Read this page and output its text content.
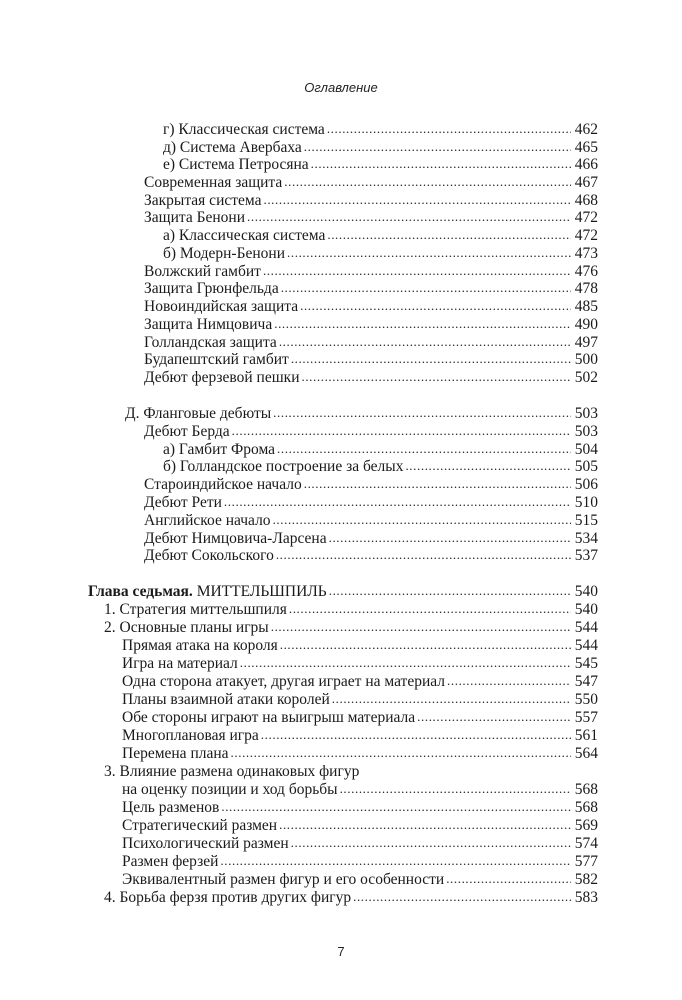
Оглавление
г) Классическая система .....	462
д) Система Авербаха .....	465
е) Система Петросяна .....	466
Современная защита .....	467
Закрытая система .....	468
Защита Бенони .....	472
а) Классическая система .....	472
б) Модерн-Бенони .....	473
Волжский гамбит .....	476
Защита Грюнфельда .....	478
Новоиндийская защита .....	485
Защита Нимцовича .....	490
Голландская защита .....	497
Будапештский гамбит .....	500
Дебют ферзевой пешки .....	502
Д. Фланговые дебюты .....	503
Дебют Берда .....	503
а) Гамбит Фрома .....	504
б) Голландское построение за белых .....	505
Староиндийское начало .....	506
Дебют Рети .....	510
Английское начало .....	515
Дебют Нимцовича-Ларсена .....	534
Дебют Сокольского .....	537
Глава седьмая. МИТТЕЛЬШПИЛЬ .....	540
1. Стратегия миттельшпиля .....	540
2. Основные планы игры .....	544
Прямая атака на короля .....	544
Игра на материал .....	545
Одна сторона атакует, другая играет на материал .....	547
Планы взаимной атаки королей .....	550
Обе стороны играют на выигрыш материала .....	557
Многоплановая игра .....	561
Перемена плана .....	564
3. Влияние размена одинаковых фигур
на оценку позиции и ход борьбы .....	568
Цель разменов .....	568
Стратегический размен .....	569
Психологический размен .....	574
Размен ферзей .....	577
Эквивалентный размен фигур и его особенности .....	582
4. Борьба ферзя против других фигур .....	583
7
